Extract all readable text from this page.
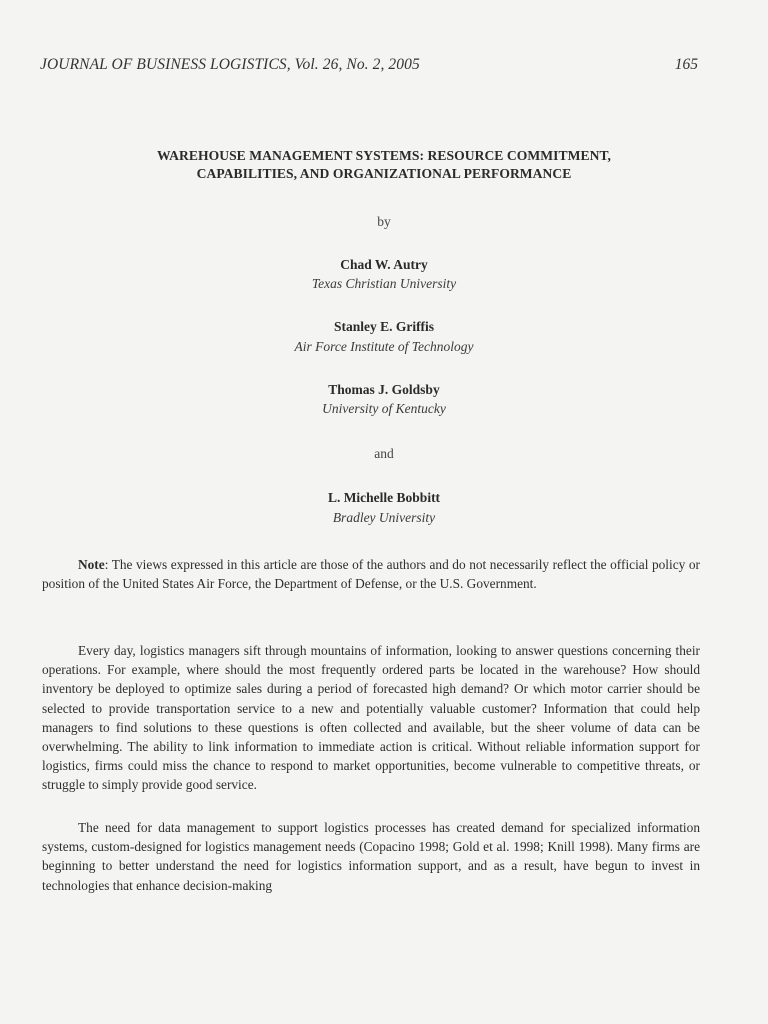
JOURNAL OF BUSINESS LOGISTICS, Vol. 26, No. 2, 2005	165
WAREHOUSE MANAGEMENT SYSTEMS: RESOURCE COMMITMENT,
CAPABILITIES, AND ORGANIZATIONAL PERFORMANCE
by
Chad W. Autry
Texas Christian University
Stanley E. Griffis
Air Force Institute of Technology
Thomas J. Goldsby
University of Kentucky
and
L. Michelle Bobbitt
Bradley University
Note: The views expressed in this article are those of the authors and do not necessarily reflect the official policy or position of the United States Air Force, the Department of Defense, or the U.S. Government.
Every day, logistics managers sift through mountains of information, looking to answer questions concerning their operations. For example, where should the most frequently ordered parts be located in the warehouse? How should inventory be deployed to optimize sales during a period of forecasted high demand? Or which motor carrier should be selected to provide transportation service to a new and potentially valuable customer? Information that could help managers to find solutions to these questions is often collected and available, but the sheer volume of data can be overwhelming. The ability to link information to immediate action is critical. Without reliable information support for logistics, firms could miss the chance to respond to market opportunities, become vulnerable to competitive threats, or struggle to simply provide good service.
The need for data management to support logistics processes has created demand for specialized information systems, custom-designed for logistics management needs (Copacino 1998; Gold et al. 1998; Knill 1998). Many firms are beginning to better understand the need for logistics information support, and as a result, have begun to invest in technologies that enhance decision-making
